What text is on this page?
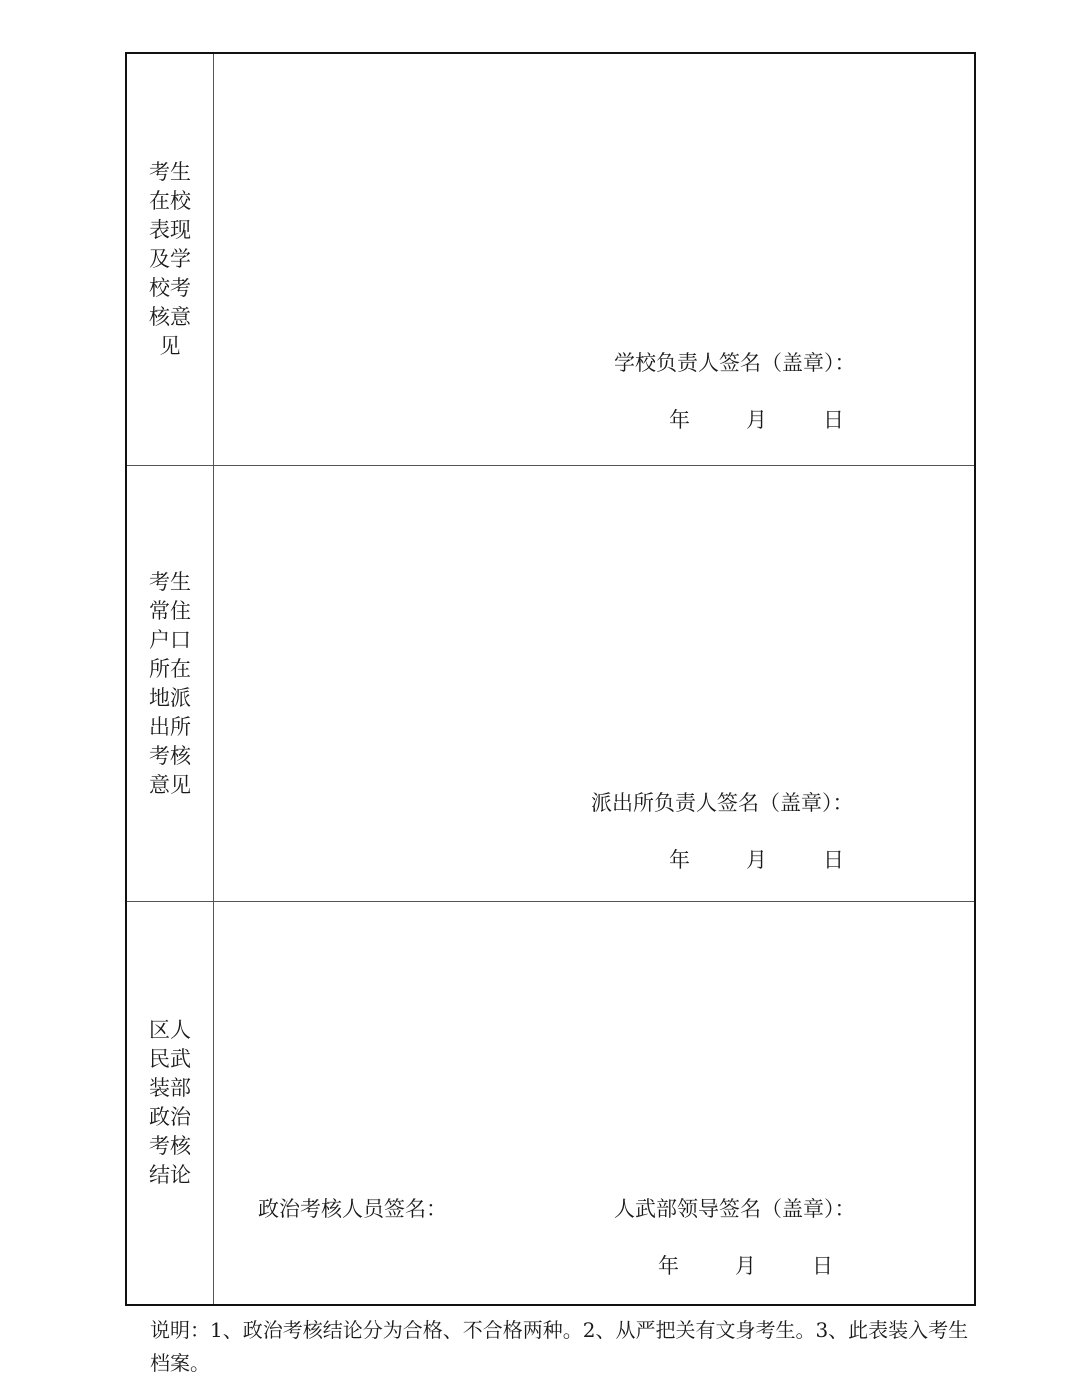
考生在校表现及学校考核意见
学校负责人签名（盖章）：
年	月	日
考生常住户口所在地派出所考核意见
派出所负责人签名（盖章）：
年	月	日
区人民武装部政治考核结论
政治考核人员签名：	人武部领导签名（盖章）：
年	月	日
说明：1、政治考核结论分为合格、不合格两种。2、从严把关有文身考生。3、此表装入考生档案。
